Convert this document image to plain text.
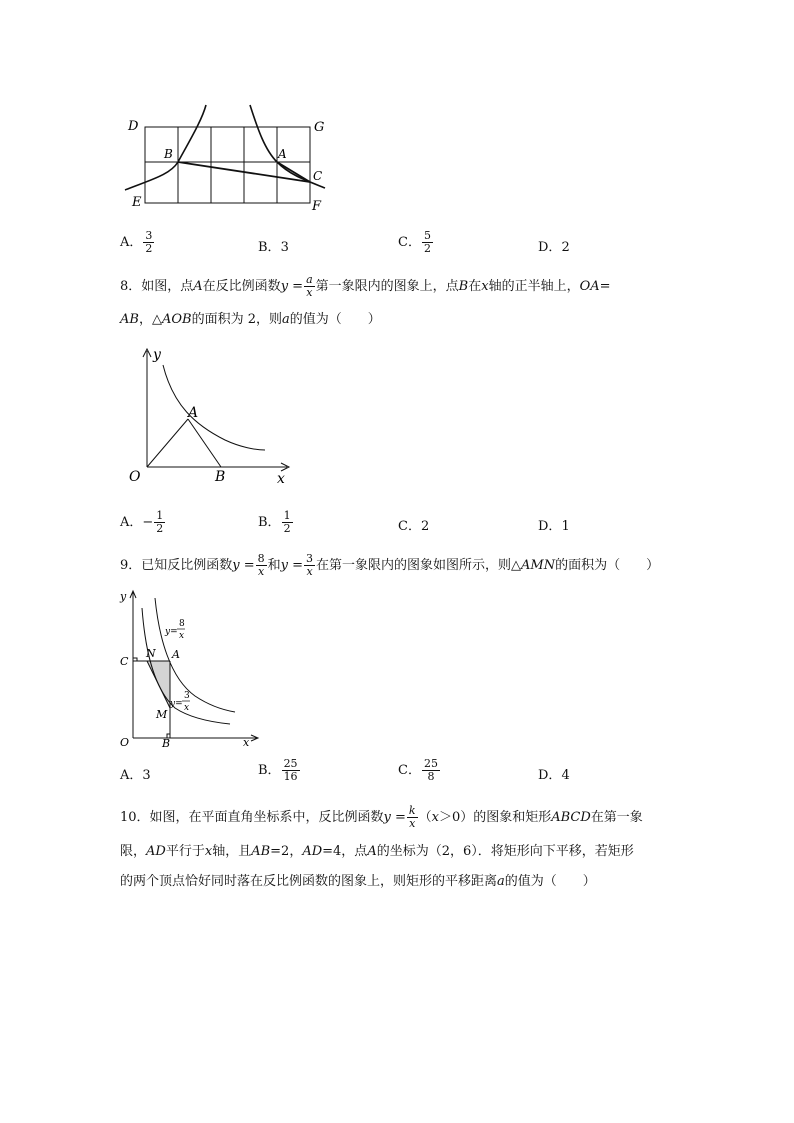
D	G
E	F
B	A
C
A． $\frac{3}{2}$	B．3	C． $\frac{5}{2}$	D．2
8．如图，点A在反比例函数$y = \frac{a}{x}$ 第一象限内的图象上，点B在x轴的正半轴上，OA=
AB，△AOB的面积为 2，则a的值为（　　）
y
x
O
A
B
A．− $\frac{1}{2}$	B． $\frac{1}{2}$	C．2	D．1
9．已知反比例函数$y = \frac{8}{x}$ 和$y = \frac{3}{x}$ 在第一象限内的图象如图所示，则△AMN的面积为（　　）
y
x
O	B
C
N A
M
y=
8
x
y=
3
x
A．3	B． $\frac{25}{16}$	C． $\frac{25}{8}$	D．4
10．如图，在平面直角坐标系中，反比例函数$y = \frac{k}{x} (x>0)$的图象和矩形ABCD在第一象
限，AD平行于x轴，且AB=2，AD=4，点A的坐标为（2，6）．将矩形向下平移，若矩形
的两个顶点恰好同时落在反比例函数的图象上，则矩形的平移距离a的值为（　　）
